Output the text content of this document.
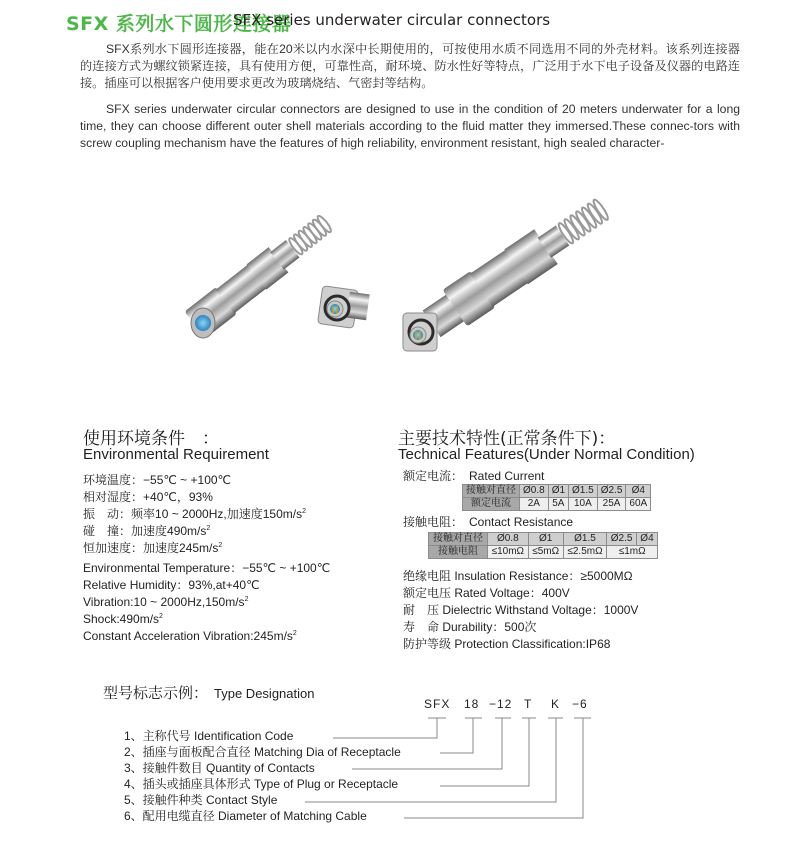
SFX 系列水下圆形连接器
SFX series underwater circular connectors
SFX系列水下圆形连接器，能在20米以内水深中长期使用的，可按使用水质不同选用不同的外壳材料。该系列连接器的连接方式为螺纹锁紧连接，具有使用方便，可靠性高，耐环境、防水性好等特点，广泛用于水下电子设备及仪器的电路连接。插座可以根据客户使用要求更改为玻璃烧结、气密封等结构。
SFX series underwater circular connectors are designed to use in the condition of 20 meters underwater for a long time, they can choose different outer shell materials according to the fluid matter they immersed.These connec-tors with screw coupling mechanism have the features of high reliability, environment resistant, high sealed character-
使用环境条件　：
Environmental Requirement
环境温度：−55℃ ~ +100℃
相对湿度：+40℃，93%
振　动：频率10 ~ 2000Hz,加速度$150m/s^2$
碰　撞：加速度$490m/s^2$
恒加速度：加速度$245m/s^2$
Environmental Temperature：−55℃ ~ +100℃
Relative Humidity：93%,at+40℃
Vibration:10 ~ $2000Hz,150m/s^2$
$Shock:490m/s^2$
Constant Acceleration $Vibration:245m/s^2$
主要技术特性(正常条件下)：
Technical Features(Under Normal Condition)
额定电流： Rated Current
接触对直径	Ø0.8	Ø1	Ø1.5	Ø2.5	Ø4
额定电流	2A	5A	10A	25A	60A
接触电阻： Contact Resistance
接触对直径	Ø0.8	Ø1	Ø1.5	Ø2.5	Ø4
接触电阻	≤10mΩ	≤5mΩ	≤2.5mΩ	≤1mΩ	
绝缘电阻 Insulation Resistance：≥5000MΩ
额定电压 Rated Voltage：400V
耐　压 Dielectric Withstand Voltage：1000V
寿　命 Durability：500次
防护等级 Protection Classification:IP68
型号标志示例： Type Designation
SFX 18 −12 T K −6
1、主称代号 Identification Code
2、插座与面板配合直径 Matching Dia of Receptacle
3、接触件数目 Quantity of Contacts
4、插头或插座具体形式 Type of Plug or Receptacle
5、接触件种类 Contact Style
6、配用电缆直径 Diameter of Matching Cable
